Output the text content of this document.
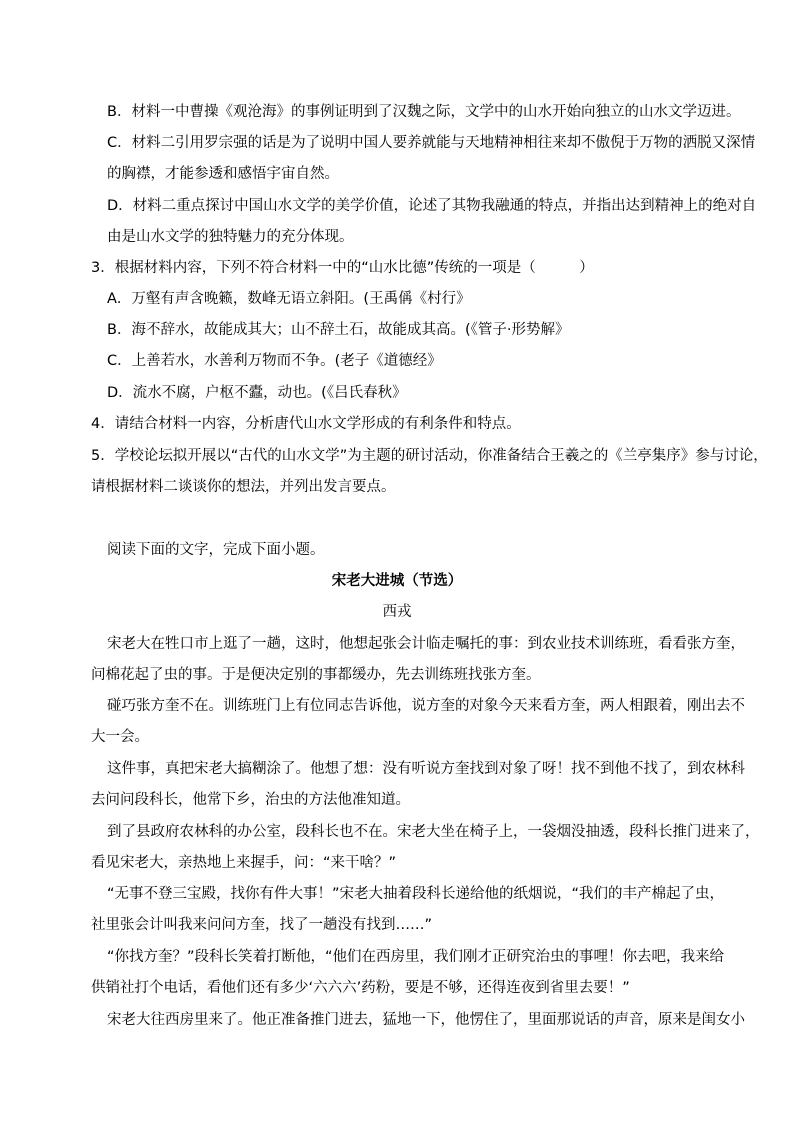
B．材料一中曹操《观沧海》的事例证明到了汉魏之际，文学中的山水开始向独立的山水文学迈进。
C．材料二引用罗宗强的话是为了说明中国人要养就能与天地精神相往来却不傲倪于万物的洒脱又深情
的胸襟，才能参透和感悟宇宙自然。
D．材料二重点探讨中国山水文学的美学价值，论述了其物我融通的特点，并指出达到精神上的绝对自
由是山水文学的独特魅力的充分体现。
3．根据材料内容，下列不符合材料一中的“山水比德”传统的一项是（　　　）
A．万壑有声含晚籁，数峰无语立斜阳。(王禹偁《村行》
B．海不辞水，故能成其大；山不辞土石，故能成其高。(《管子·形势解》
C．上善若水，水善利万物而不争。(老子《道德经》
D．流水不腐，户枢不蠹，动也。(《吕氏春秋》
4．请结合材料一内容，分析唐代山水文学形成的有利条件和特点。
5．学校论坛拟开展以“古代的山水文学”为主题的研讨活动，你准备结合王羲之的《兰亭集序》参与讨论，
请根据材料二谈谈你的想法，并列出发言要点。
阅读下面的文字，完成下面小题。
宋老大进城（节选）
西戎
宋老大在牲口市上逛了一趟，这时，他想起张会计临走嘱托的事：到农业技术训练班，看看张方奎，
问棉花起了虫的事。于是便决定别的事都缓办，先去训练班找张方奎。
碰巧张方奎不在。训练班门上有位同志告诉他，说方奎的对象今天来看方奎，两人相跟着，刚出去不
大一会。
这件事，真把宋老大搞糊涂了。他想了想：没有听说方奎找到对象了呀！找不到他不找了，到农林科
去问问段科长，他常下乡，治虫的方法他准知道。
到了县政府农林科的办公室，段科长也不在。宋老大坐在椅子上，一袋烟没抽透，段科长推门进来了，
看见宋老大，亲热地上来握手，问：“来干啥？”
“无事不登三宝殿，找你有件大事！”宋老大抽着段科长递给他的纸烟说，“我们的丰产棉起了虫，
社里张会计叫我来问问方奎，找了一趟没有找到……”
“你找方奎？”段科长笑着打断他，“他们在西房里，我们刚才正研究治虫的事哩！你去吧，我来给
供销社打个电话，看他们还有多少‘六六六’药粉，要是不够，还得连夜到省里去要！”
宋老大往西房里来了。他正准备推门进去，猛地一下，他愣住了，里面那说话的声音，原来是闺女小
